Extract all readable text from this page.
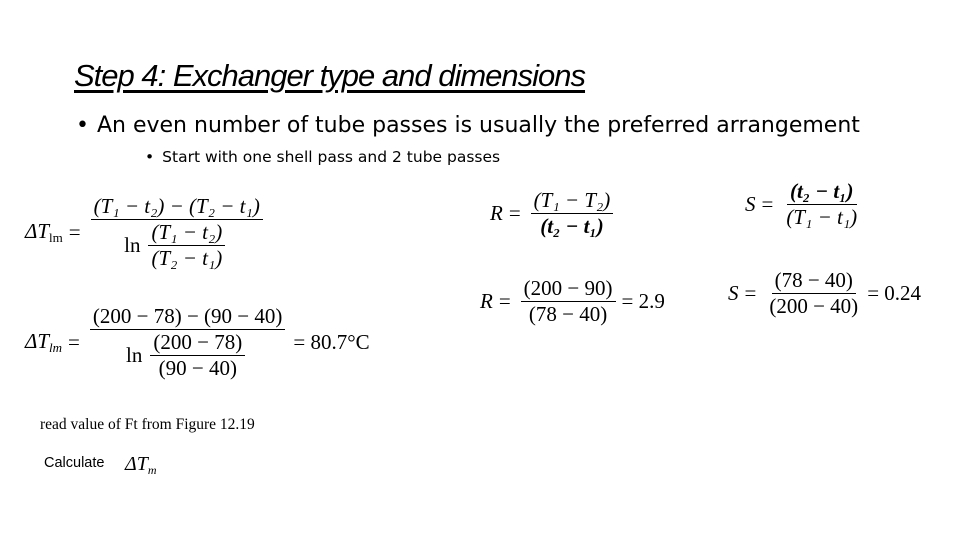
Step 4: Exchanger type and dimensions
• An even number of tube passes is usually the preferred arrangement
• Start with one shell pass and 2 tube passes
$\Delta T_{lm} = \frac{\text{(T₁ − t₂) − (T₂ − t₁)}}{\ln \frac{\text{(T₁ − t₂)}}{\text{(T₂ − t₁)}}}$
$\Delta T_{lm} = \frac{(200 - 78) - (90 - 40)}{\ln \frac{(200 - 78)}{(90 - 40)}} = 80.7^\circ C$
$R = \frac{\text{(T₁ − T₂)}}{\text{(t₂ − t₁)}}$	$S = \frac{\text{(t₂ − t₁)}}{\text{(T₁ − t₁)}}$
$R = \frac{(200 - 90)}{(78 - 40)} = 2.9$	$S = \frac{(78 - 40)}{(200 - 40)} = 0.24$
read value of Ft from Figure 12.19
Calculate $\Delta T_m$
